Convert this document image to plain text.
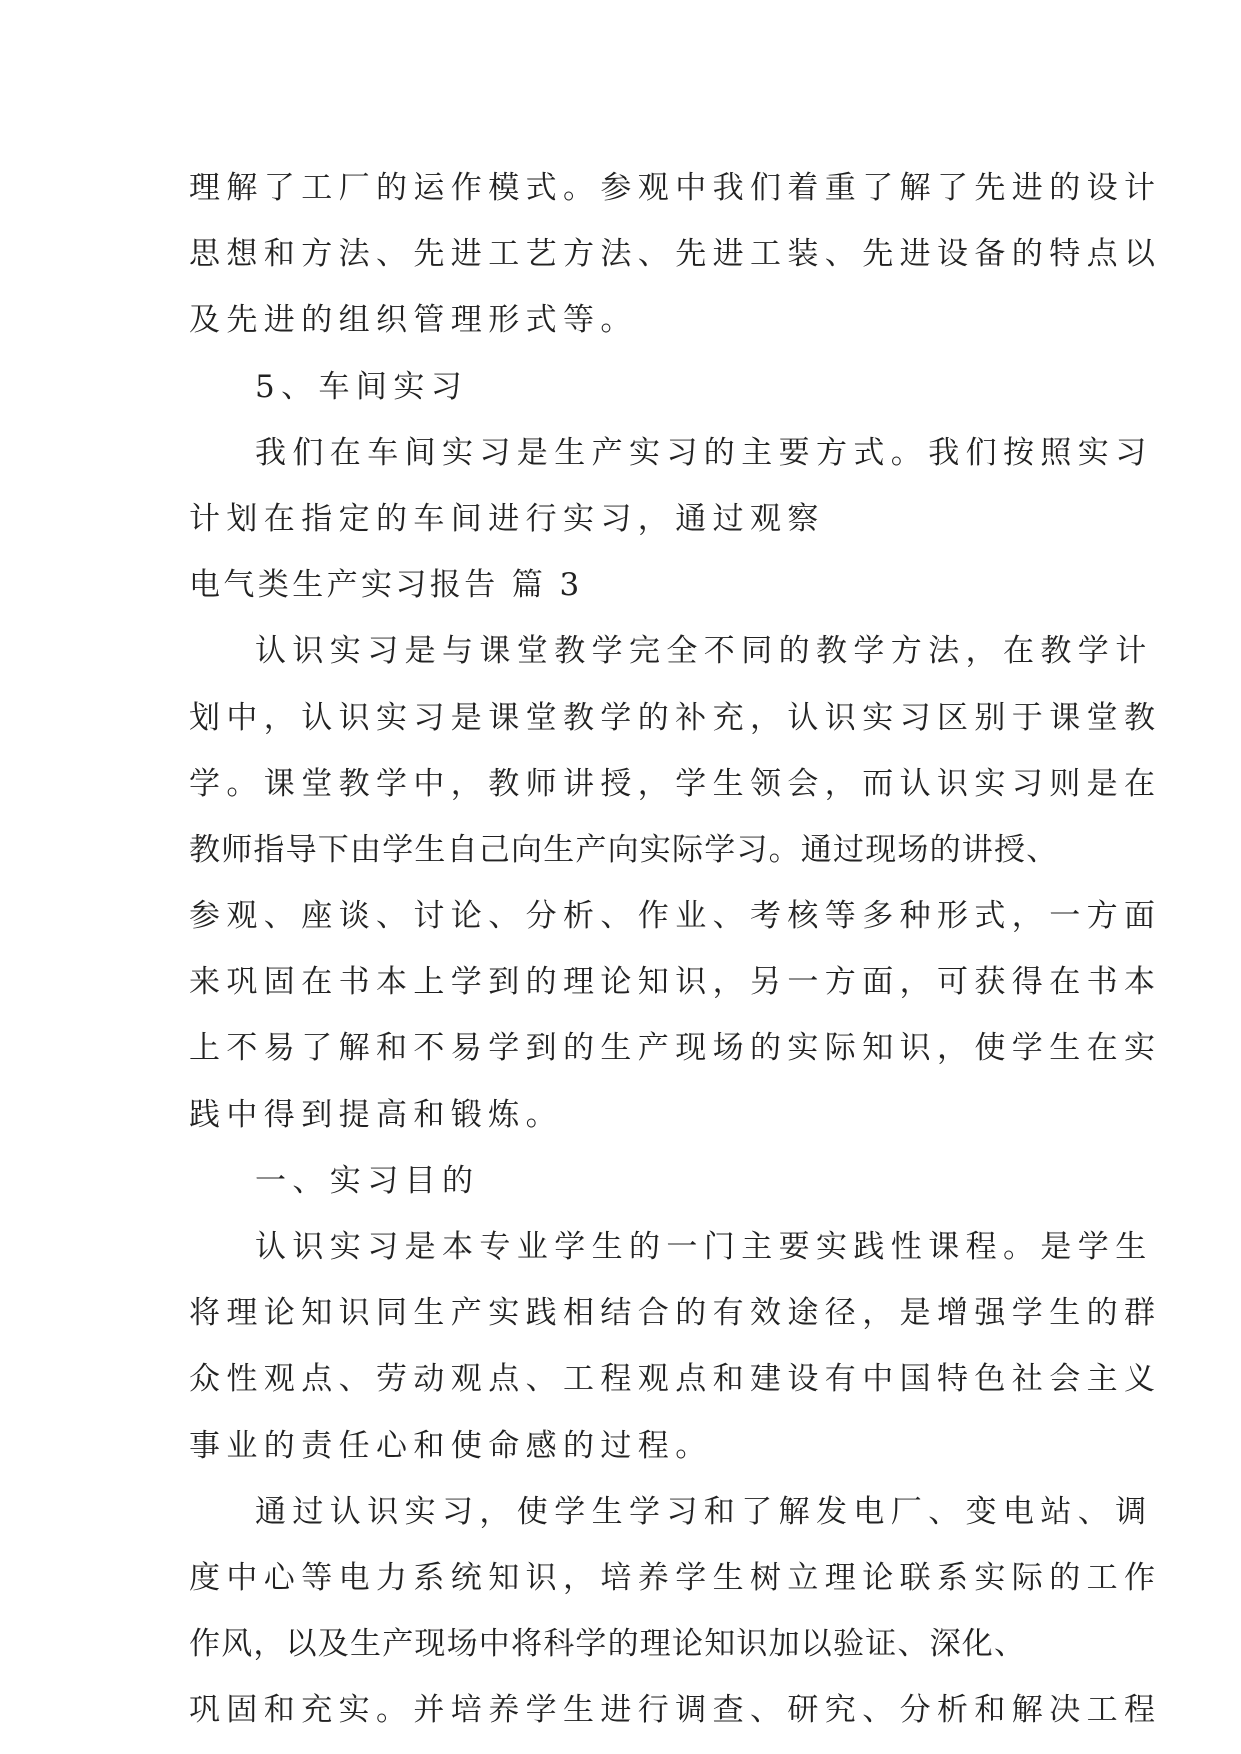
理解了工厂的运作模式。参观中我们着重了解了先进的设计
思想和方法、先进工艺方法、先进工装、先进设备的特点以
及先进的组织管理形式等。
5、车间实习
我们在车间实习是生产实习的主要方式。我们按照实习
计划在指定的车间进行实习，通过观察
电气类生产实习报告 篇 3
认识实习是与课堂教学完全不同的教学方法，在教学计
划中，认识实习是课堂教学的补充，认识实习区别于课堂教
学。课堂教学中，教师讲授，学生领会，而认识实习则是在
教师指导下由学生自己向生产向实际学习。通过现场的讲授、
参观、座谈、讨论、分析、作业、考核等多种形式，一方面
来巩固在书本上学到的理论知识，另一方面，可获得在书本
上不易了解和不易学到的生产现场的实际知识，使学生在实
践中得到提高和锻炼。
一、实习目的
认识实习是本专业学生的一门主要实践性课程。是学生
将理论知识同生产实践相结合的有效途径，是增强学生的群
众性观点、劳动观点、工程观点和建设有中国特色社会主义
事业的责任心和使命感的过程。
通过认识实习，使学生学习和了解发电厂、变电站、调
度中心等电力系统知识，培养学生树立理论联系实际的工作
作风，以及生产现场中将科学的理论知识加以验证、深化、
巩固和充实。并培养学生进行调查、研究、分析和解决工程
